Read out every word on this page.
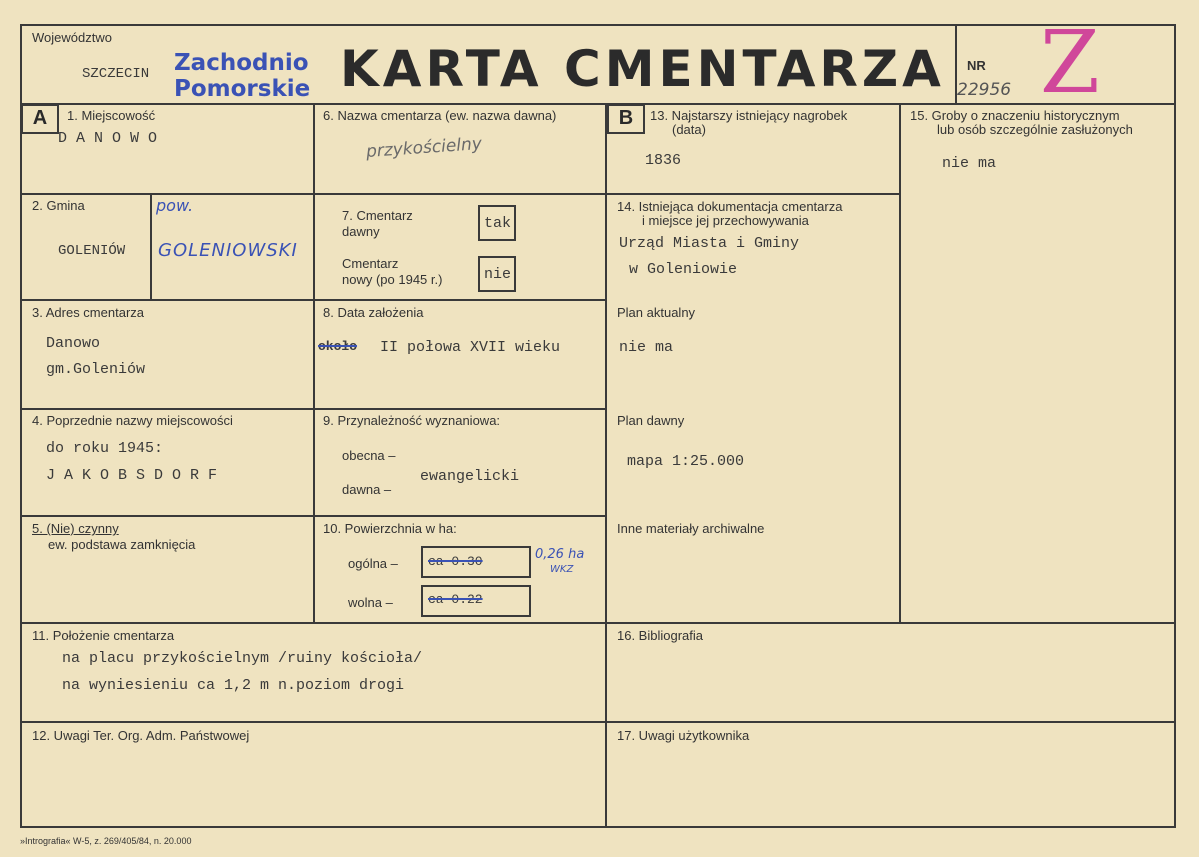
Województwo
SZCZECIN Zachodnio
Pomorskie KARTA CMENTARZA NR
22956 Z
A	1. Miejscowość
D A N O W O
2. Gmina
GOLENIÓW
pow.
GOLENIOWSKI
3. Adres cmentarza
Danowo
gm.Goleniów
4. Poprzednie nazwy miejscowości
do roku 1945:
J A K O B S D O R F
5. (Nie) czynny
ew. podstawa zamknięcia
6. Nazwa cmentarza (ew. nazwa dawna)
przykościelny
7. Cmentarz
dawny	tak
Cmentarz
nowy (po 1945 r.)	nie
8. Data założenia
około II połowa XVII wieku
9. Przynależność wyznaniowa:
obecna –
dawna –
ewangelicki
10. Powierzchnia w ha:
ogólna – ca 0.30	0,26 ha
WKZ
wolna –	ca 0.22
B	13. Najstarszy istniejący nagrobek
(data)
1836
14. Istniejąca dokumentacja cmentarza
i miejsce jej przechowywania
Urząd Miasta i Gminy
w Goleniowie
Plan aktualny
nie ma
Plan dawny
mapa 1:25.000
Inne materiały archiwalne
15. Groby o znaczeniu historycznym
lub osób szczególnie zasłużonych
nie ma
11. Położenie cmentarza
na placu przykościelnym /ruiny kościoła/
na wyniesieniu ca 1,2 m n.poziom drogi
16. Bibliografia
12. Uwagi Ter. Org. Adm. Państwowej	17. Uwagi użytkownika
»Intrografia« W-5, z. 269/405/84, n. 20.000
